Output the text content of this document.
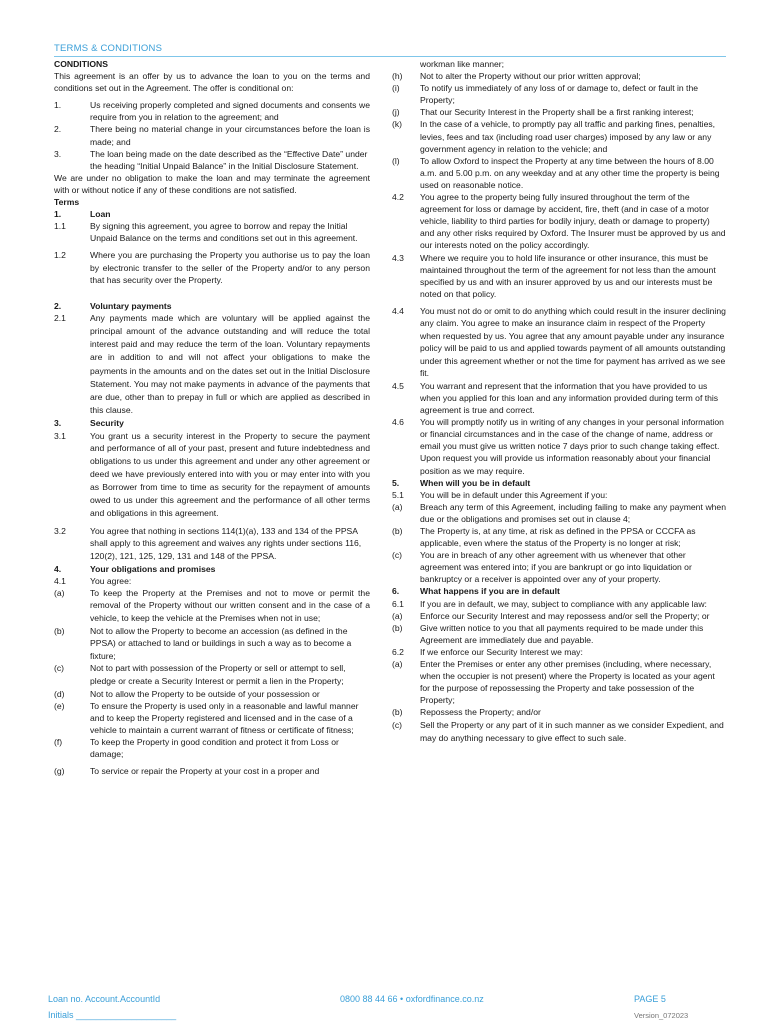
TERMS & CONDITIONS
CONDITIONS
This agreement is an offer by us to advance the loan to you on the terms and conditions set out in the Agreement. The offer is conditional on:
1.	Us receiving properly completed and signed documents and consents we require from you in relation to the agreement; and
2.	There being no material change in your circumstances before the loan is made; and
3.	The loan being made on the date described as the “Effective Date” under the heading “Initial Unpaid Balance” in the Initial Disclosure Statement.
We are under no obligation to make the loan and may terminate the agreement with or without notice if any of these conditions are not satisfied.
Terms
1.	Loan
1.1	By signing this agreement, you agree to borrow and repay the Initial Unpaid Balance on the terms and conditions set out in this agreement.
1.2	Where you are purchasing the Property you authorise us to pay the loan by electronic transfer to the seller of the Property and/or to any person that has security over the Property.
2.	Voluntary payments
2.1	Any payments made which are voluntary will be applied against the principal amount of the advance outstanding and will reduce the total interest paid and may reduce the term of the loan. Voluntary repayments are in addition to and will not affect your obligations to make the payments in the amounts and on the dates set out in the Initial Disclosure Statement. You may not make payments in advance of the payments that are due, other than to prepay in full or which are applied as described in this clause.
3.	Security
3.1	You grant us a security interest in the Property to secure the payment and performance of all of your past, present and future indebtedness and obligations to us under this agreement and under any other agreement or deed we have previously entered into with you or may enter into with you as Borrower from time to time as security for the repayment of amounts owed to us under this agreement and the performance of all other terms and obligations in this agreement.
3.2	You agree that nothing in sections 114(1)(a), 133 and 134 of the PPSA shall apply to this agreement and waives any rights under sections 116, 120(2), 121, 125, 129, 131 and 148 of the PPSA.
4.	Your obligations and promises
4.1	You agree:
(a)	To keep the Property at the Premises and not to move or permit the removal of the Property without our written consent and in the case of a vehicle, to keep the vehicle at the Premises when not in use;
(b)	Not to allow the Property to become an accession (as defined in the PPSA) or attached to land or buildings in such a way as to become a fixture;
(c)	Not to part with possession of the Property or sell or attempt to sell, pledge or create a Security Interest or permit a lien in the Property;
(d)	Not to allow the Property to be outside of your possession or
(e)	To ensure the Property is used only in a reasonable and lawful manner and to keep the Property registered and licensed and in the case of a vehicle to maintain a current warrant of fitness or certificate of fitness;
(f)	To keep the Property in good condition and protect it from Loss or damage;
(g)	To service or repair the Property at your cost in a proper and
workman like manner;
(h)	Not to alter the Property without our prior written approval;
(i)	To notify us immediately of any loss of or damage to, defect or fault in the Property;
(j)	That our Security Interest in the Property shall be a first ranking interest;
(k)	In the case of a vehicle, to promptly pay all traffic and parking fines, penalties, levies, fees and tax (including road user charges) imposed by any law or any government agency in relation to the vehicle; and
(l)	To allow Oxford to inspect the Property at any time between the hours of 8.00 a.m. and 5.00 p.m. on any weekday and at any other time the property is being used on reasonable notice.
4.2	You agree to the property being fully insured throughout the term of the agreement for loss or damage by accident, fire, theft (and in case of a motor vehicle, liability to third parties for bodily injury, death or damage to property) and any other risks required by Oxford. The Insurer must be approved by us and our interests noted on the policy accordingly.
4.3	Where we require you to hold life insurance or other insurance, this must be maintained throughout the term of the agreement for not less than the amount specified by us and with an insurer approved by us and our interests must be noted on that policy.
4.4	You must not do or omit to do anything which could result in the insurer declining any claim. You agree to make an insurance claim in respect of the Property when requested by us. You agree that any amount payable under any insurance policy will be paid to us and applied towards payment of all amounts outstanding under this agreement whether or not the time for payment has arrived as we see fit.
4.5	You warrant and represent that the information that you have provided to us when you applied for this loan and any information provided during term of this agreement is true and correct.
4.6	You will promptly notify us in writing of any changes in your personal information or financial circumstances and in the case of the change of name, address or email you must give us written notice 7 days prior to such change taking effect. Upon request you will provide us information reasonably about your financial position as we may require.
5.	When will you be in default
5.1	You will be in default under this Agreement if you:
(a)	Breach any term of this Agreement, including failing to make any payment when due or the obligations and promises set out in clause 4;
(b)	The Property is, at any time, at risk as defined in the PPSA or CCCFA as applicable, even where the status of the Property is no longer at risk;
(c)	You are in breach of any other agreement with us whenever that other agreement was entered into; if you are bankrupt or go into liquidation or bankruptcy or a receiver is appointed over any of your property.
6.	What happens if you are in default
6.1	If you are in default, we may, subject to compliance with any applicable law:
(a)	Enforce our Security Interest and may repossess and/or sell the Property; or
(b)	Give written notice to you that all payments required to be made under this Agreement are immediately due and payable.
6.2	If we enforce our Security Interest we may:
(a)	Enter the Premises or enter any other premises (including, where necessary, when the occupier is not present) where the Property is located as your agent for the purpose of repossessing the Property and take possession of the Property;
(b)	Repossess the Property; and/or
(c)	Sell the Property or any part of it in such manner as we consider Expedient, and may do anything necessary to give effect to such sale.
Loan no. Account.AccountId
Initials ____________________
0800 88 44 66 • oxfordfinance.co.nz	PAGE 5
Version_072023
